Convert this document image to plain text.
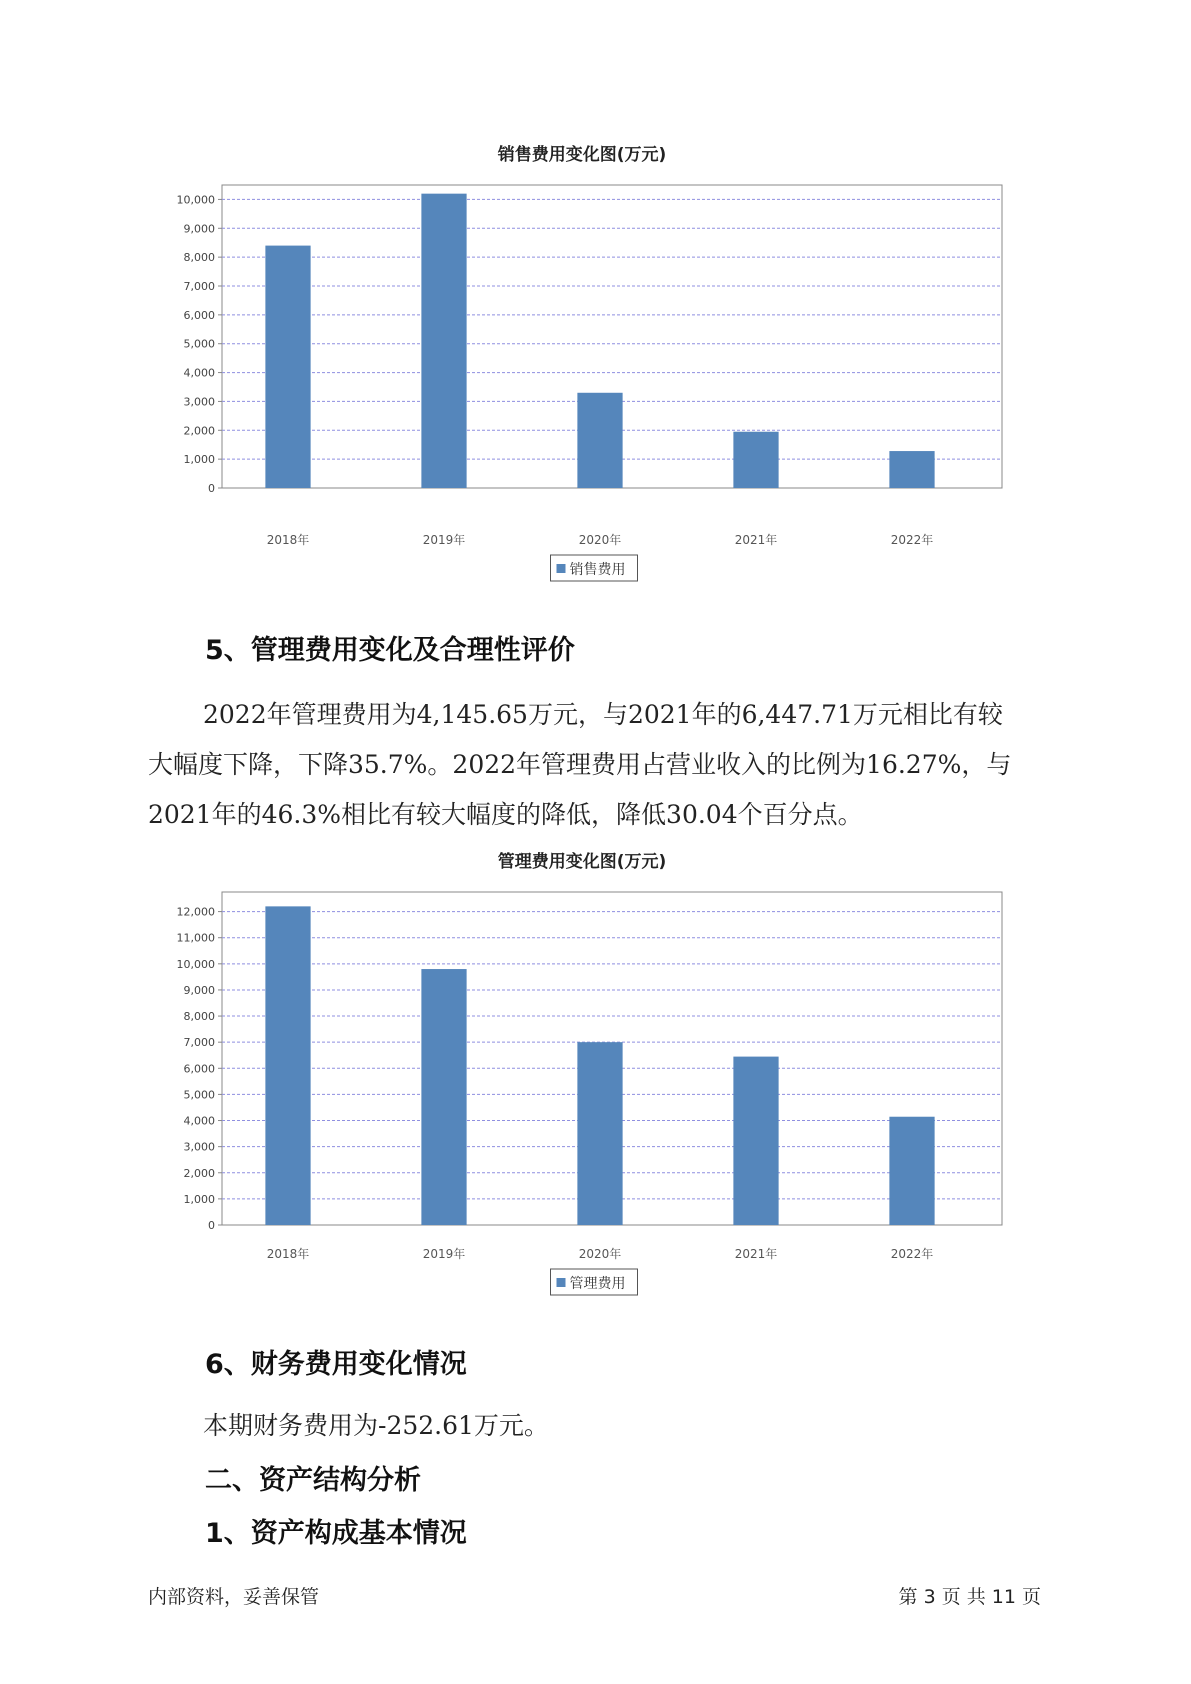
销售费用变化图(万元)
0
1,000
2,000
3,000
4,000
5,000
6,000
7,000
8,000
9,000
10,000
2018年	2019年	2020年	2021年	2022年
销售费用
5、管理费用变化及合理性评价

2022年管理费用为4,145.65万元，与2021年的6,447.71万元相比有较

大幅度下降，下降35.7%。2022年管理费用占营业收入的比例为16.27%，与

2021年的46.3%相比有较大幅度的降低，降低30.04个百分点。

管理费用变化图(万元)
0
1,000
2,000
3,000
4,000
5,000
6,000
7,000
8,000
9,000
10,000
11,000
12,000
2018年	2019年	2020年	2021年	2022年
管理费用
6、财务费用变化情况

本期财务费用为-252.61万元。

二、资产结构分析
1、资产构成基本情况
内部资料，妥善保管	第 3 页 共 11 页
